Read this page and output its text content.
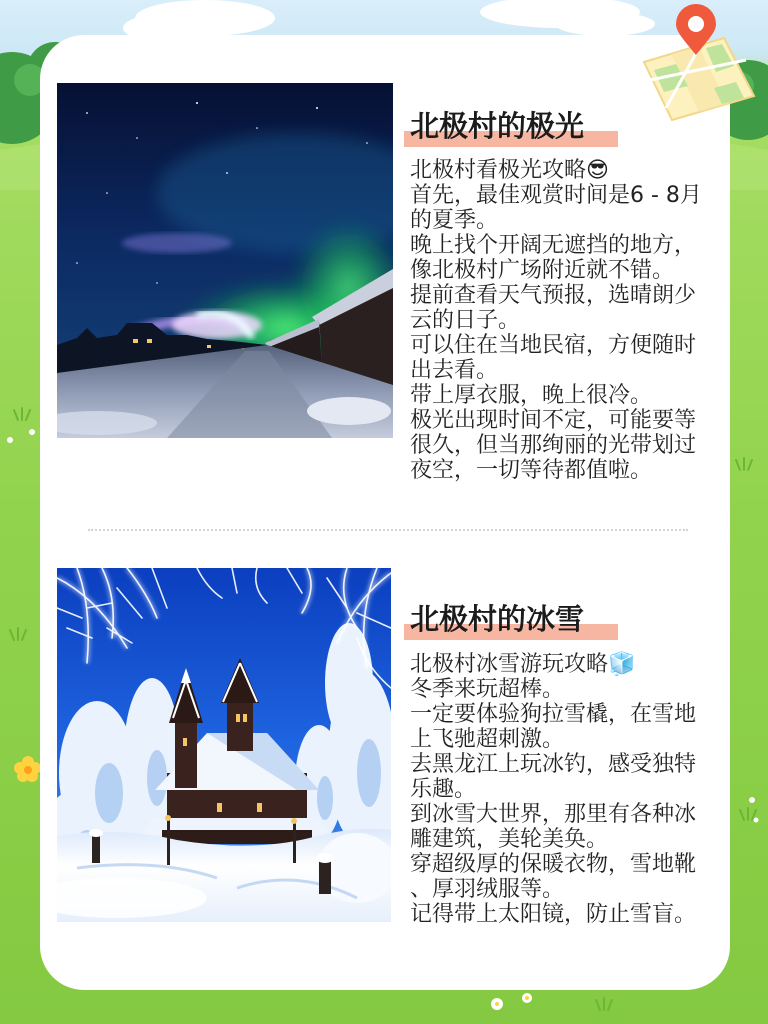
北极村的极光

北极村看极光攻略😎

首先，最佳观赏时间是6 - 8月的夏季。

晚上找个开阔无遮挡的地方，像北极村广场附近就不错。

提前查看天气预报，选晴朗少云的日子。

可以住在当地民宿，方便随时出去看。

带上厚衣服，晚上很冷。

极光出现时间不定，可能要等很久，但当那绚丽的光带划过夜空，一切等待都值啦。

北极村的冰雪

北极村冰雪游玩攻略🧊

冬季来玩超棒。

一定要体验狗拉雪橇，在雪地上飞驰超刺激。

去黑龙江上玩冰钓，感受独特乐趣。

到冰雪大世界，那里有各种冰雕建筑，美轮美奂。

穿超级厚的保暖衣物，雪地靴、厚羽绒服等。

记得带上太阳镜，防止雪盲。
